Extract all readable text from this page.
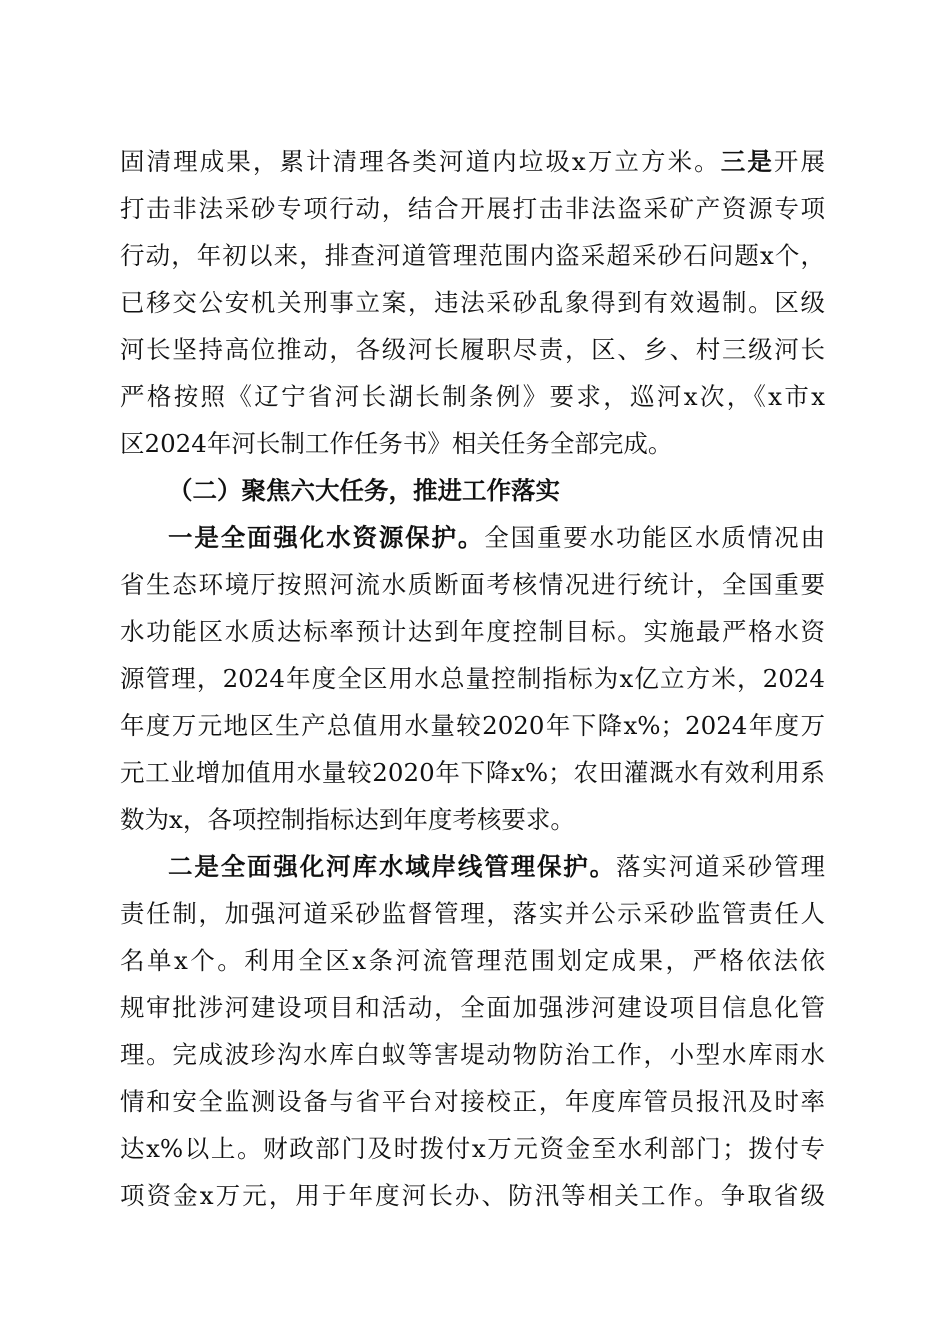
固清理成果，累计清理各类河道内垃圾x万立方米。三是开展
打击非法采砂专项行动，结合开展打击非法盗采矿产资源专项
行动，年初以来，排查河道管理范围内盗采超采砂石问题x个，
已移交公安机关刑事立案，违法采砂乱象得到有效遏制。区级
河长坚持高位推动，各级河长履职尽责，区、乡、村三级河长
严格按照《辽宁省河长湖长制条例》要求，巡河x次，《x市x
区2024年河长制工作任务书》相关任务全部完成。
（二）聚焦六大任务，推进工作落实
一是全面强化水资源保护。全国重要水功能区水质情况由
省生态环境厅按照河流水质断面考核情况进行统计，全国重要
水功能区水质达标率预计达到年度控制目标。实施最严格水资
源管理，2024年度全区用水总量控制指标为x亿立方米，2024
年度万元地区生产总值用水量较2020年下降x%；2024年度万
元工业增加值用水量较2020年下降x%；农田灌溉水有效利用系
数为x，各项控制指标达到年度考核要求。
二是全面强化河库水域岸线管理保护。落实河道采砂管理
责任制，加强河道采砂监督管理，落实并公示采砂监管责任人
名单x个。利用全区x条河流管理范围划定成果，严格依法依
规审批涉河建设项目和活动，全面加强涉河建设项目信息化管
理。完成波珍沟水库白蚁等害堤动物防治工作，小型水库雨水
情和安全监测设备与省平台对接校正，年度库管员报汛及时率
达x%以上。财政部门及时拨付x万元资金至水利部门；拨付专
项资金x万元，用于年度河长办、防汛等相关工作。争取省级
